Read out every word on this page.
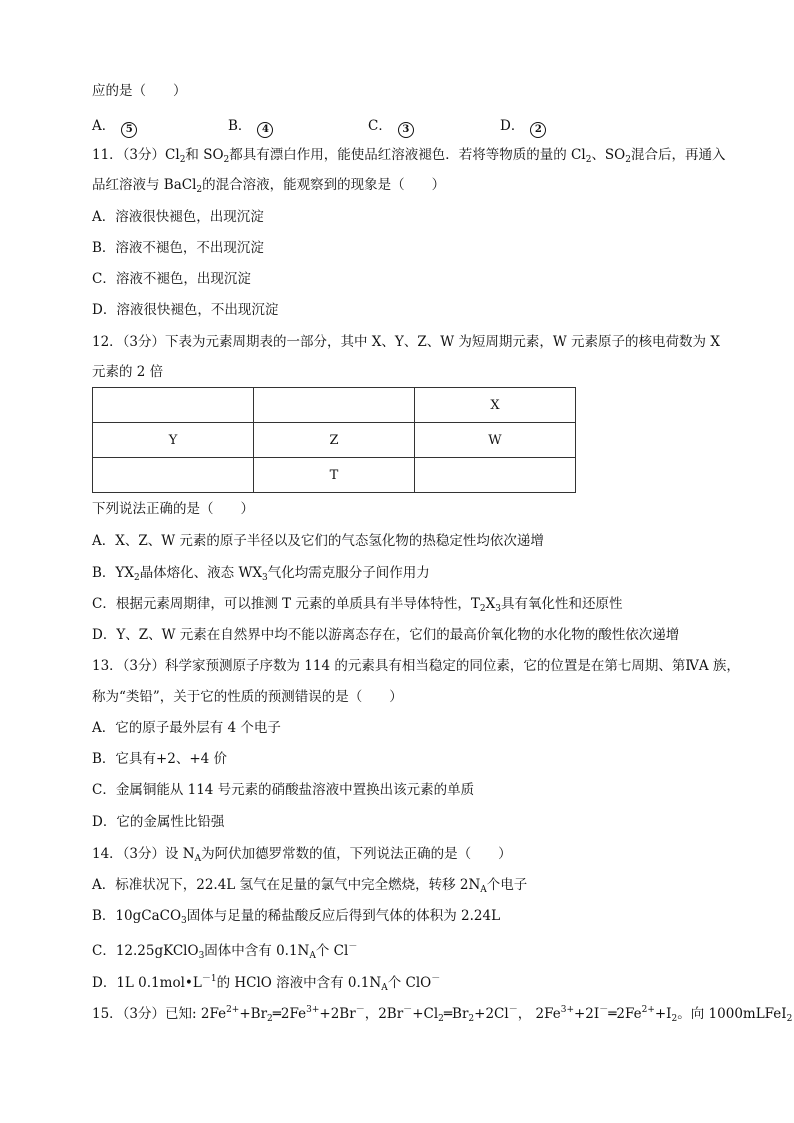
应的是（　　）
A． 5	B． 4	C． 3	D． 2
11．（3分）$Cl_2$和 $SO_2$都具有漂白作用，能使品红溶液褪色．若将等物质的量的 $Cl_2$、$SO_2$混合后，再通入
品红溶液与 BaCl$_2$的混合溶液，能观察到的现象是（　　）
A．溶液很快褪色，出现沉淀
B．溶液不褪色，不出现沉淀
C．溶液不褪色，出现沉淀
D．溶液很快褪色，不出现沉淀
12．（3分）下表为元素周期表的一部分，其中 X、Y、Z、W 为短周期元素，W 元素原子的核电荷数为 X
元素的 2 倍
		X
Y	Z	W
	T	
下列说法正确的是（　　）
A．X、Z、W 元素的原子半径以及它们的气态氢化物的热稳定性均依次递增
B．$YX_2$晶体熔化、液态 $WX_3$气化均需克服分子间作用力
C．根据元素周期律，可以推测 T 元素的单质具有半导体特性，$T_2X_3$具有氧化性和还原性
D．Y、Z、W 元素在自然界中均不能以游离态存在，它们的最高价氧化物的水化物的酸性依次递增
13．（3分）科学家预测原子序数为 114 的元素具有相当稳定的同位素，它的位置是在第七周期、第ⅣA 族，
称为“类铅”，关于它的性质的预测错误的是（　　）
A．它的原子最外层有 4 个电子
B．它具有+2、+4 价
C．金属铜能从 114 号元素的硝酸盐溶液中置换出该元素的单质
D．它的金属性比铅强
14．（3分）设 $N_A$为阿伏加德罗常数的值，下列说法正确的是（　　）
A．标准状况下，22.4L 氢气在足量的氯气中完全燃烧，转移 $2N_A$个电子
B．10gCaCO$_3$固体与足量的稀盐酸反应后得到气体的体积为 2.24L
C．12.25gKClO$_3$固体中含有 $0.1N_A$个 Cl－
D．1L $0.1mol•L^{-1}$的 HClO 溶液中含有 $0.1N_A$个 ClO－
15．（3分）已知: $2Fe^{2+}+Br_2═2Fe^{3+}+2Br^-$，$2Br^-+Cl_2═Br_2+2Cl^-$， $2Fe^{3+}+2I^-═2Fe^{2+}+I_2$。向 1000mLFeI$_2$
